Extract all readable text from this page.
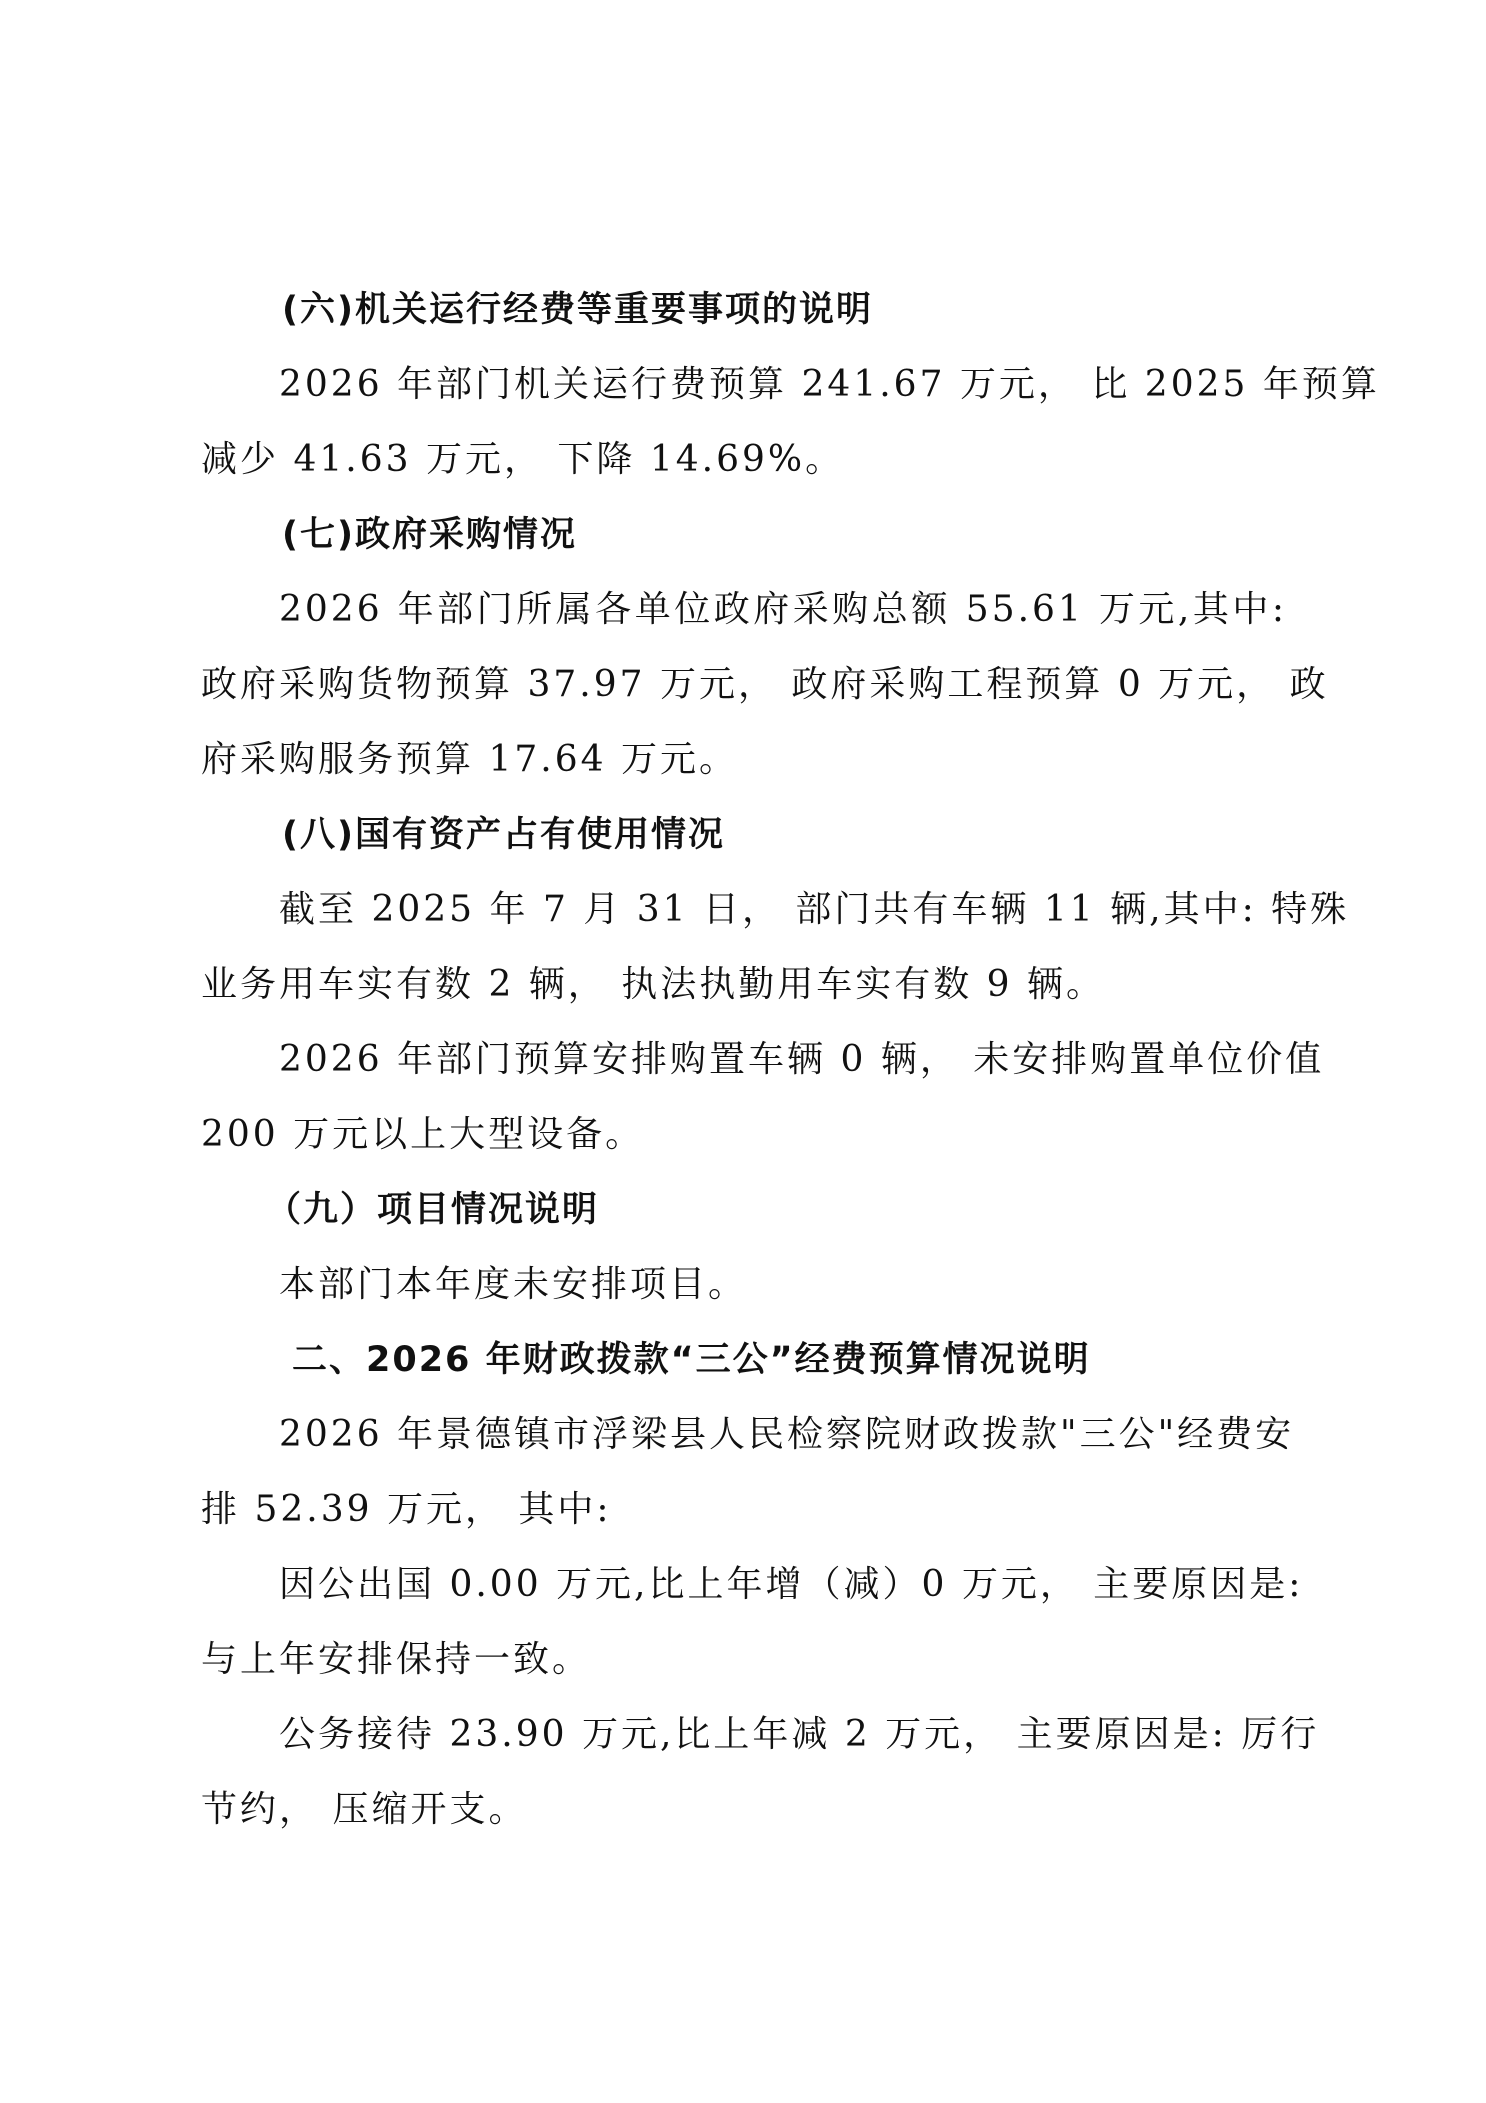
(六)机关运行经费等重要事项的说明
2026 年部门机关运行费预算 241.67 万元， 比 2025 年预算
减少 41.63 万元， 下降 14.69%。
(七)政府采购情况
2026 年部门所属各单位政府采购总额 55.61 万元,其中:
政府采购货物预算 37.97 万元， 政府采购工程预算 0 万元， 政
府采购服务预算 17.64 万元。
(八)国有资产占有使用情况
截至 2025 年 7 月 31 日， 部门共有车辆 11 辆,其中: 特殊
业务用车实有数 2 辆， 执法执勤用车实有数 9 辆。
2026 年部门预算安排购置车辆 0 辆， 未安排购置单位价值
200 万元以上大型设备。
（九）项目情况说明
本部门本年度未安排项目。
二、2026 年财政拨款“三公”经费预算情况说明
2026 年景德镇市浮梁县人民检察院财政拨款"三公"经费安
排 52.39 万元， 其中:
因公出国 0.00 万元,比上年增（减）0 万元， 主要原因是:
与上年安排保持一致。
公务接待 23.90 万元,比上年减 2 万元， 主要原因是: 厉行
节约， 压缩开支。
